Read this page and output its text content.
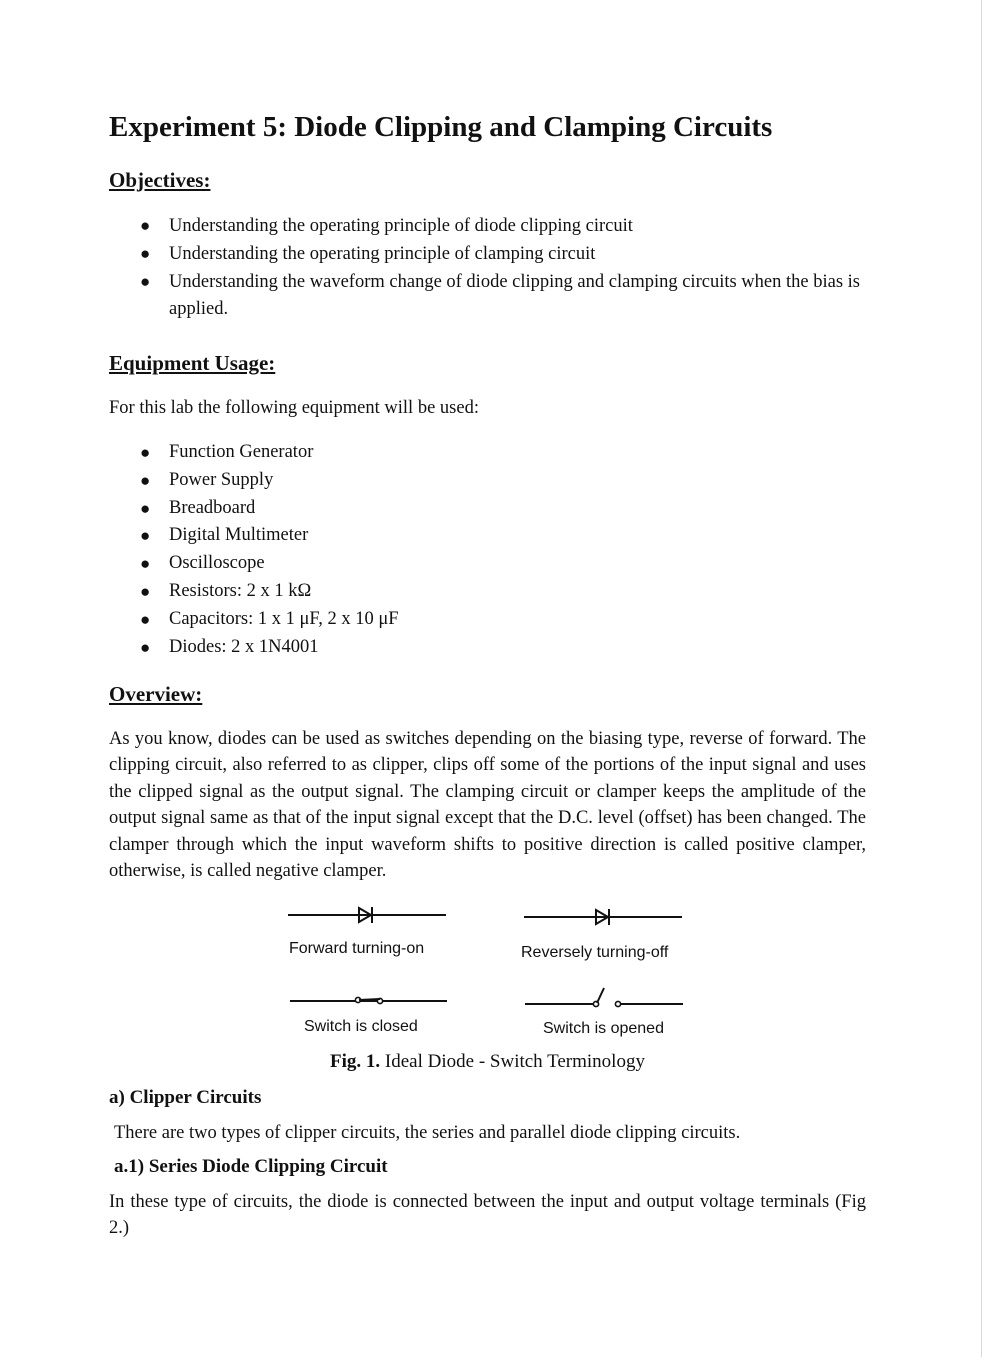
Experiment 5: Diode Clipping and Clamping Circuits
Objectives:
● Understanding the operating principle of diode clipping circuit
● Understanding the operating principle of clamping circuit
● Understanding the waveform change of diode clipping and clamping circuits when the bias is applied.
Equipment Usage:

For this lab the following equipment will be used:

● Function Generator
● Power Supply
● Breadboard
● Digital Multimeter
● Oscilloscope
● Resistors: 2 x 1 kΩ
● Capacitors: 1 x 1 μF, 2 x 10 μF
● Diodes: 2 x 1N4001
Overview:

As you know, diodes can be used as switches depending on the biasing type, reverse of forward. The clipping circuit, also referred to as clipper, clips off some of the portions of the input signal and uses the clipped signal as the output signal. The clamping circuit or clamper keeps the amplitude of the output signal same as that of the input signal except that the D.C. level (offset) has been changed. The clamper through which the input waveform shifts to positive direction is called positive clamper, otherwise, is called negative clamper.

Forward turning-on	Reversely turning-off
Switch is closed	Switch is opened
Fig. 1. Ideal Diode - Switch Terminology
a) Clipper Circuits

There are two types of clipper circuits, the series and parallel diode clipping circuits.

a.1) Series Diode Clipping Circuit

In these type of circuits, the diode is connected between the input and output voltage terminals (Fig 2.)
